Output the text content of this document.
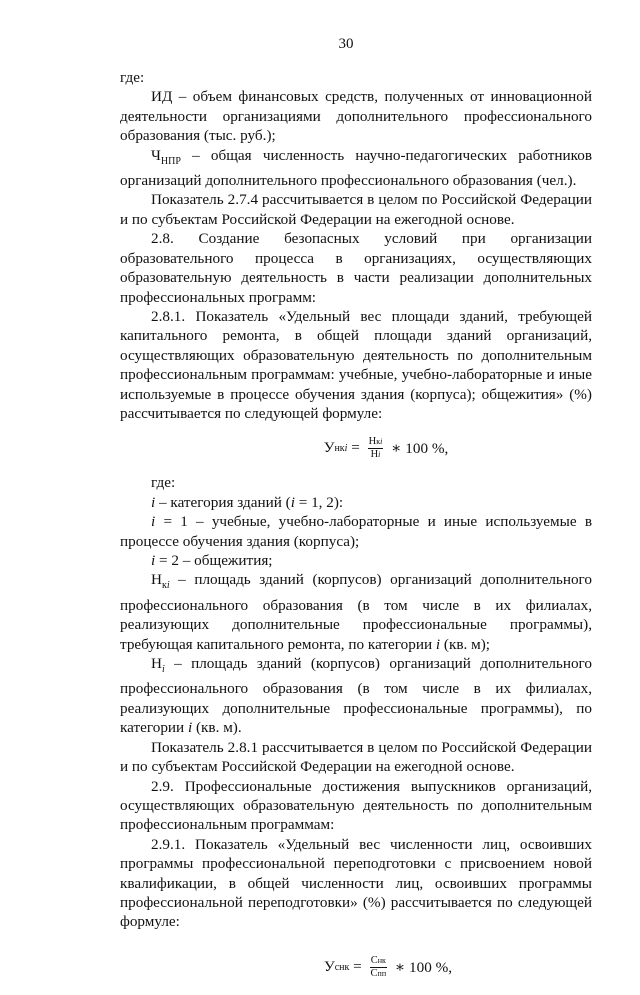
30

где:

ИД – объем финансовых средств, полученных от инновационной деятельности организациями дополнительного профессионального образования (тыс. руб.);

$Ч_{НПР}$ – общая численность научно-педагогических работников организаций дополнительного профессионального образования (чел.).

Показатель 2.7.4 рассчитывается в целом по Российской Федерации и по субъектам Российской Федерации на ежегодной основе.

2.8. Создание безопасных условий при организации образовательного процесса в организациях, осуществляющих образовательную деятельность в части реализации дополнительных профессиональных программ:

2.8.1. Показатель «Удельный вес площади зданий, требующей капитального ремонта, в общей площади зданий организаций, осуществляющих образовательную деятельность по дополнительным профессиональным программам: учебные, учебно-лабораторные и иные используемые в процессе обучения здания (корпуса); общежития» (%) рассчитывается по следующей формуле:

У нкi = $\frac{\text{Нкi}}{Нi}$ ∗ 100 %,

где:

i – категория зданий (i = 1, 2):

i = 1 – учебные, учебно-лабораторные и иные используемые в процессе обучения здания (корпуса);

i = 2 – общежития;

$Н_{кi}$ – площадь зданий (корпусов) организаций дополнительного профессионального образования (в том числе в их филиалах, реализующих дополнительные профессиональные программы), требующая капитального ремонта, по категории i (кв. м);

$Н_i$ – площадь зданий (корпусов) организаций дополнительного профессионального образования (в том числе в их филиалах, реализующих дополнительные профессиональные программы), по категории i (кв. м).

Показатель 2.8.1 рассчитывается в целом по Российской Федерации и по субъектам Российской Федерации на ежегодной основе.

2.9. Профессиональные достижения выпускников организаций, осуществляющих образовательную деятельность по дополнительным профессиональным программам:

2.9.1. Показатель «Удельный вес численности лиц, освоивших программы профессиональной переподготовки с присвоением новой квалификации, в общей численности лиц, освоивших программы профессиональной переподготовки» (%) рассчитывается по следующей формуле:

У снк = $\frac{\text{Снк}}{\text{Спп}}$ ∗ 100 %,
